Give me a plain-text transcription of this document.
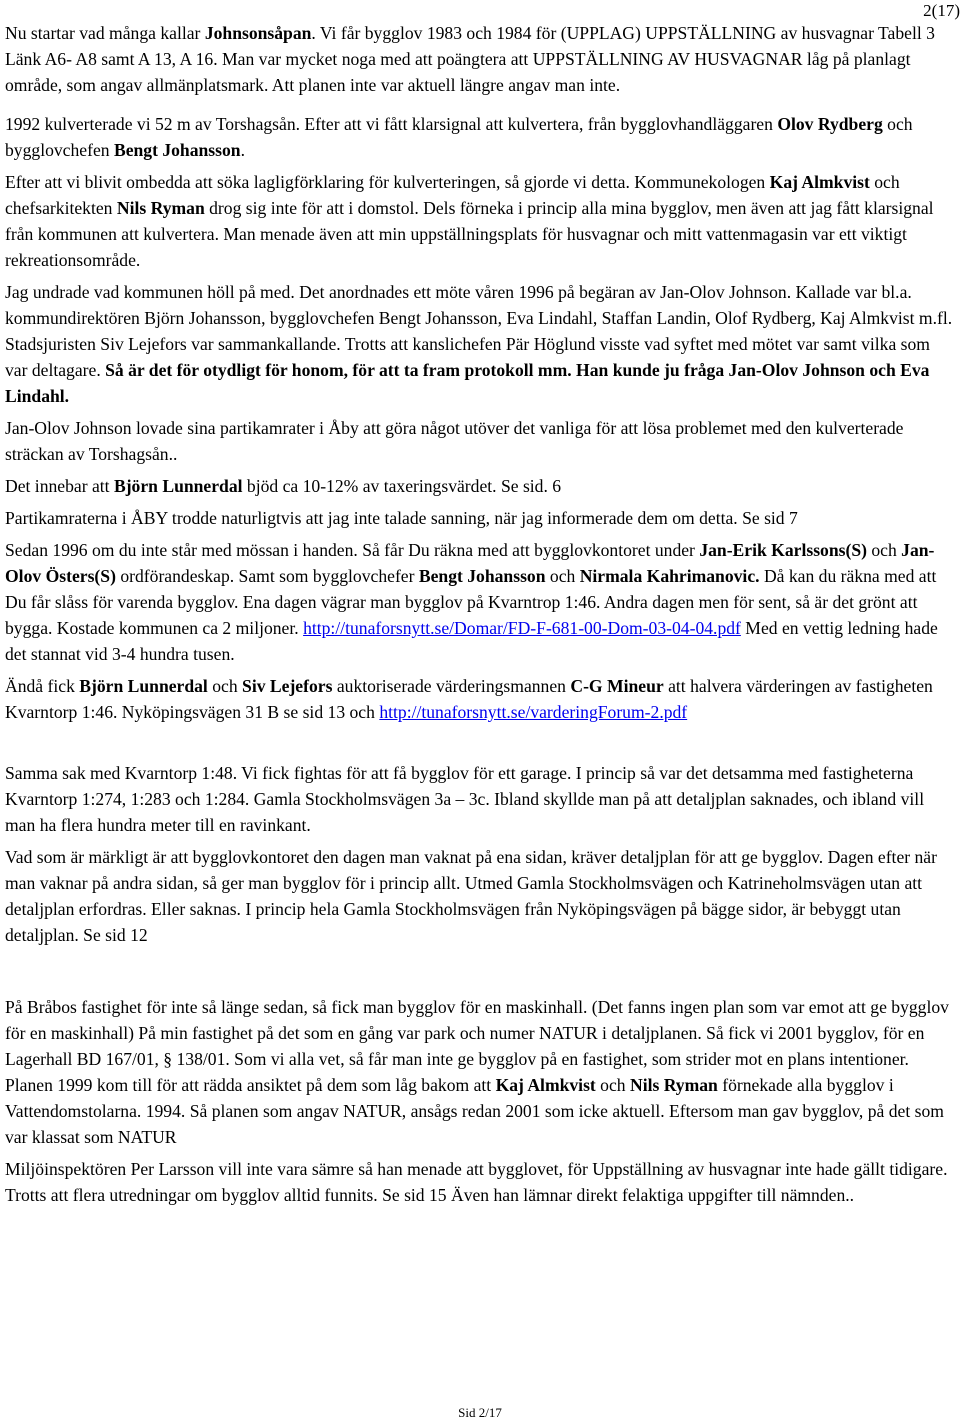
2(17)

Nu startar vad många kallar Johnsonsåpan. Vi får bygglov 1983 och 1984 för (UPPLAG) UPPSTÄLLNING av husvagnar Tabell 3 Länk A6- A8 samt A 13, A 16. Man var mycket noga med att poängtera att UPPSTÄLLNING AV HUSVAGNAR låg på planlagt område, som angav allmänplatsmark. Att planen inte var aktuell längre angav man inte.

1992 kulverterade vi 52 m av Torshagsån. Efter att vi fått klarsignal att kulvertera, från bygglovhandläggaren Olov Rydberg och bygglovchefen Bengt Johansson.

Efter att vi blivit ombedda att söka lagligförklaring för kulverteringen, så gjorde vi detta. Kommunekologen Kaj Almkvist och chefsarkitekten Nils Ryman drog sig inte för att i domstol. Dels förneka i princip alla mina bygglov, men även att jag fått klarsignal från kommunen att kulvertera. Man menade även att min uppställningsplats för husvagnar och mitt vattenmagasin var ett viktigt rekreationsområde.

Jag undrade vad kommunen höll på med. Det anordnades ett möte våren 1996 på begäran av Jan-Olov Johnson. Kallade var bl.a. kommundirektören Björn Johansson, bygglovchefen Bengt Johansson, Eva Lindahl, Staffan Landin, Olof Rydberg, Kaj Almkvist m.fl. Stadsjuristen Siv Lejefors var sammankallande. Trotts att kanslichefen Pär Höglund visste vad syftet med mötet var samt vilka som var deltagare. Så är det för otydligt för honom, för att ta fram protokoll mm. Han kunde ju fråga Jan-Olov Johnson och Eva Lindahl.

Jan-Olov Johnson lovade sina partikamrater i Åby att göra något utöver det vanliga för att lösa problemet med den kulverterade sträckan av Torshagsån..

Det innebar att Björn Lunnerdal bjöd ca 10-12% av taxeringsvärdet. Se sid. 6

Partikamraterna i ÅBY trodde naturligtvis att jag inte talade sanning, när jag informerade dem om detta. Se sid 7

Sedan 1996 om du inte står med mössan i handen. Så får Du räkna med att bygglovkontoret under Jan-Erik Karlssons(S) och Jan-Olov Östers(S) ordförandeskap. Samt som bygglovchefer Bengt Johansson och Nirmala Kahrimanovic. Då kan du räkna med att Du får slåss för varenda bygglov. Ena dagen vägrar man bygglov på Kvarntrop 1:46. Andra dagen men för sent, så är det grönt att bygga. Kostade kommunen ca 2 miljoner. http://tunaforsnytt.se/Domar/FD-F-681-00-Dom-03-04-04.pdf Med en vettig ledning hade det stannat vid 3-4 hundra tusen.

Ändå fick Björn Lunnerdal och Siv Lejefors auktoriserade värderingsmannen C-G Mineur att halvera värderingen av fastigheten Kvarntorp 1:46. Nyköpingsvägen 31 B se sid 13 och http://tunaforsnytt.se/varderingForum-2.pdf

Samma sak med Kvarntorp 1:48. Vi fick fightas för att få bygglov för ett garage. I princip så var det detsamma med fastigheterna Kvarntorp 1:274, 1:283 och 1:284. Gamla Stockholmsvägen 3a – 3c. Ibland skyllde man på att detaljplan saknades, och ibland vill man ha flera hundra meter till en ravinkant.

Vad som är märkligt är att bygglovkontoret den dagen man vaknat på ena sidan, kräver detaljplan för att ge bygglov. Dagen efter när man vaknar på andra sidan, så ger man bygglov för i princip allt. Utmed Gamla Stockholmsvägen och Katrineholmsvägen utan att detaljplan erfordras. Eller saknas. I princip hela Gamla Stockholmsvägen från Nyköpingsvägen på bägge sidor, är bebyggt utan detaljplan. Se sid 12

På Bråbos fastighet för inte så länge sedan, så fick man bygglov för en maskinhall. (Det fanns ingen plan som var emot att ge bygglov för en maskinhall) På min fastighet på det som en gång var park och numer NATUR i detaljplanen. Så fick vi 2001 bygglov, för en Lagerhall BD 167/01, § 138/01. Som vi alla vet, så får man inte ge bygglov på en fastighet, som strider mot en plans intentioner. Planen 1999 kom till för att rädda ansiktet på dem som låg bakom att Kaj Almkvist och Nils Ryman förnekade alla bygglov i Vattendomstolarna. 1994. Så planen som angav NATUR, ansågs redan 2001 som icke aktuell. Eftersom man gav bygglov, på det som var klassat som NATUR

Miljöinspektören Per Larsson vill inte vara sämre så han menade att bygglovet, för Uppställning av husvagnar inte hade gällt tidigare. Trotts att flera utredningar om bygglov alltid funnits. Se sid 15 Även han lämnar direkt felaktiga uppgifter till nämnden..

Sid 2/17
